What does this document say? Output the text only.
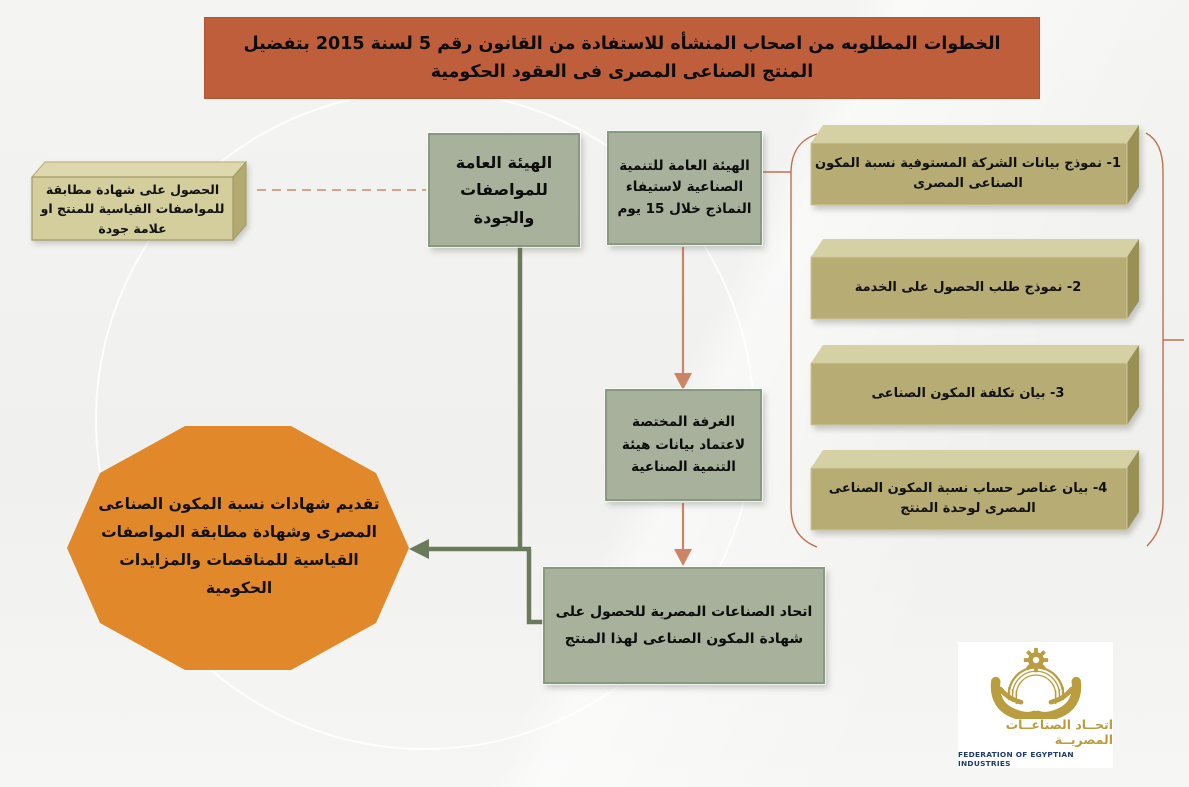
الخطوات المطلوبه من اصحاب المنشأه للاستفادة من القانون رقم 5 لسنة 2015 بتفضيل المنتج الصناعى المصرى فى العقود الحكومية
الحصول على شهادة مطابقة للمواصفات القياسية للمنتج او علامة جودة
الهيئة العامة للمواصفات والجودة
الهيئة العامة للتنمية الصناعية لاستيفاء النماذج خلال 15 يوم
الغرفة المختصة لاعتماد بيانات هيئة التنمية الصناعية
اتحاد الصناعات المصرية للحصول على شهادة المكون الصناعى لهذا المنتج
1- نموذج بيانات الشركة المستوفية نسبة المكون الصناعى المصرى
2- نموذج طلب الحصول على الخدمة
3- بيان تكلفة المكون الصناعى
4- بيان عناصر حساب نسبة المكون الصناعى المصرى لوحدة المنتج
تقديم شهادات نسبة المكون الصناعى المصرى وشهادة مطابقة المواصفات القياسية للمناقصات والمزايدات الحكومية
اتحــاد الصناعــات المصريــة
FEDERATION OF EGYPTIAN INDUSTRIES
